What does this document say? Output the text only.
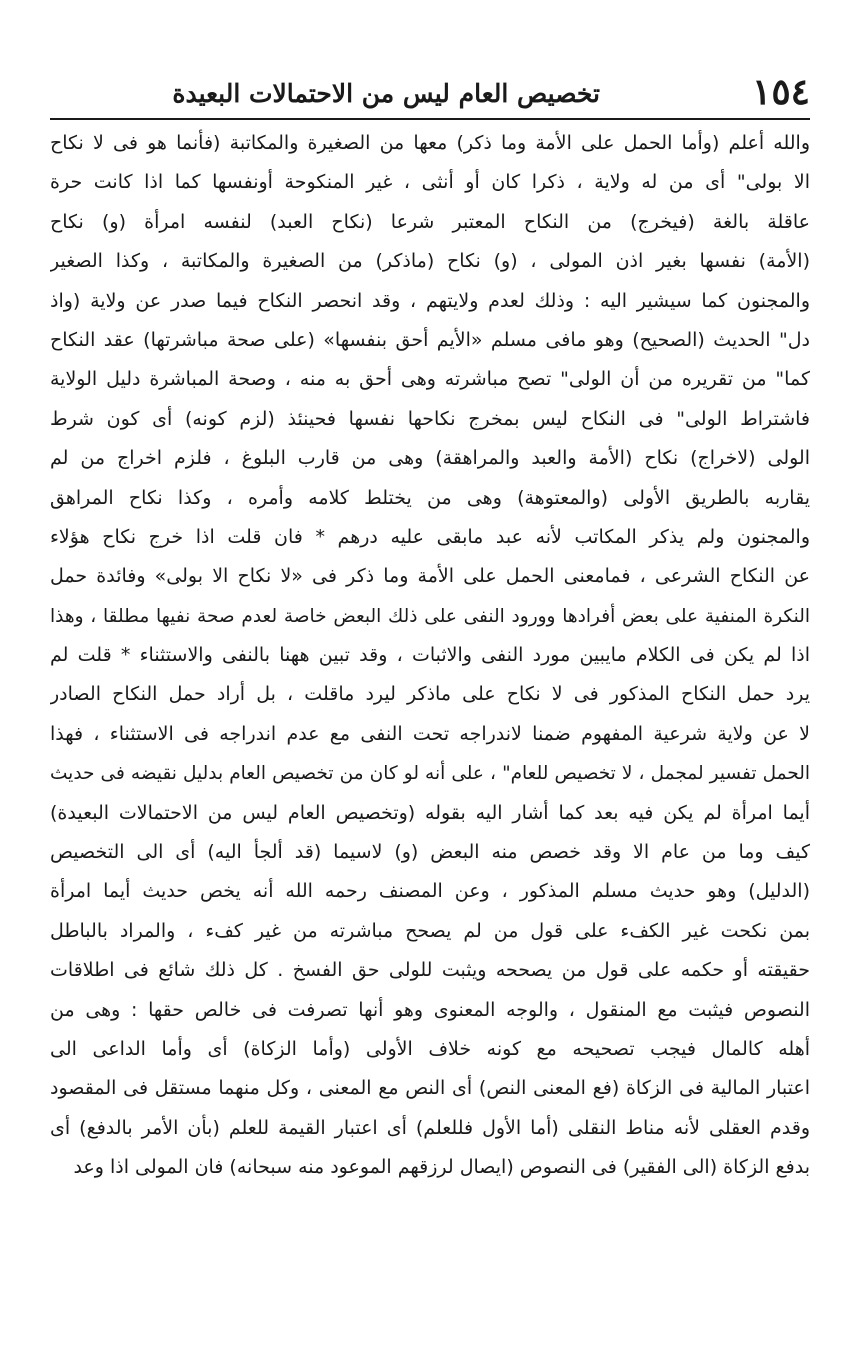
١٥٤
تخصيص العام ليس من الاحتمالات البعيدة
والله أعلم (وأما الحمل على الأمة وما ذكر) معها من الصغيرة والمكاتبة (فأنما هو فى لا نكاح
الا بولى" أى من له ولاية ، ذكرا كان أو أنثى ، غير المنكوحة أونفسها كما اذا كانت حرة
عاقلة بالغة (فيخرج) من النكاح المعتبر شرعا (نكاح العبد) لنفسه امرأة (و) نكاح
(الأمة) نفسها بغير اذن المولى ، (و) نكاح (ماذكر) من الصغيرة والمكاتبة ، وكذا الصغير
والمجنون كما سيشير اليه : وذلك لعدم ولايتهم ، وقد انحصر النكاح فيما صدر عن ولاية (واذ
دل" الحديث (الصحيح) وهو مافى مسلم «الأيم أحق بنفسها» (على صحة مباشرتها) عقد النكاح
كما" من تقريره من أن الولى" تصح مباشرته وهى أحق به منه ، وصحة المباشرة دليل الولاية
فاشتراط الولى" فى النكاح ليس بمخرج نكاحها نفسها فحينئذ (لزم كونه) أى كون شرط
الولى (لاخراج) نكاح (الأمة والعبد والمراهقة) وهى من قارب البلوغ ، فلزم اخراج من لم
يقاربه بالطريق الأولى (والمعتوهة) وهى من يختلط كلامه وأمره ، وكذا نكاح المراهق
والمجنون ولم يذكر المكاتب لأنه عبد مابقى عليه درهم * فان قلت اذا خرج نكاح هؤلاء
عن النكاح الشرعى ، فمامعنى الحمل على الأمة وما ذكر فى «لا نكاح الا بولى» وفائدة حمل
النكرة المنفية على بعض أفرادها وورود النفى على ذلك البعض خاصة لعدم صحة نفيها مطلقا ، وهذا
اذا لم يكن فى الكلام مايبين مورد النفى والاثبات ، وقد تبين ههنا بالنفى والاستثناء * قلت لم
يرد حمل النكاح المذكور فى لا نكاح على ماذكر ليرد ماقلت ، بل أراد حمل النكاح الصادر
لا عن ولاية شرعية المفهوم ضمنا لاندراجه تحت النفى مع عدم اندراجه فى الاستثناء ، فهذا
الحمل تفسير لمجمل ، لا تخصيص للعام" ، على أنه لو كان من تخصيص العام بدليل نقيضه فى حديث
أيما امرأة لم يكن فيه بعد كما أشار اليه بقوله (وتخصيص العام ليس من الاحتمالات البعيدة)
كيف وما من عام الا وقد خصص منه البعض (و) لاسيما (قد ألجأ اليه) أى الى التخصيص
(الدليل) وهو حديث مسلم المذكور ، وعن المصنف رحمه الله أنه يخص حديث أيما امرأة
بمن نكحت غير الكفء على قول من لم يصحح مباشرته من غير كفء ، والمراد بالباطل
حقيقته أو حكمه على قول من يصححه ويثبت للولى حق الفسخ . كل ذلك شائع فى اطلاقات
النصوص فيثبت مع المنقول ، والوجه المعنوى وهو أنها تصرفت فى خالص حقها : وهى من
أهله كالمال فيجب تصحيحه مع كونه خلاف الأولى (وأما الزكاة) أى وأما الداعى الى
اعتبار المالية فى الزكاة (فع المعنى النص) أى النص مع المعنى ، وكل منهما مستقل فى المقصود
وقدم العقلى لأنه مناط النقلى (أما الأول فللعلم) أى اعتبار القيمة للعلم (بأن الأمر بالدفع) أى
بدفع الزكاة (الى الفقير) فى النصوص (ايصال لرزقهم الموعود منه سبحانه) فان المولى اذا وعد
